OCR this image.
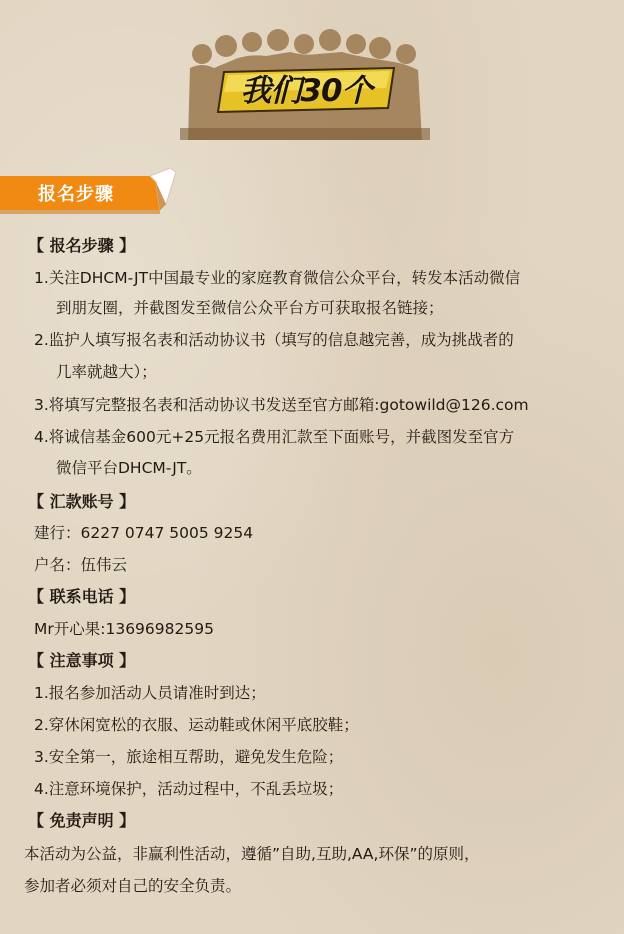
我们30个
报名步骤
【 报名步骤 】
1.关注DHCM-JT中国最专业的家庭教育微信公众平台，转发本活动微信
到朋友圈，并截图发至微信公众平台方可获取报名链接；
2.监护人填写报名表和活动协议书（填写的信息越完善，成为挑战者的
几率就越大）；
3.将填写完整报名表和活动协议书发送至官方邮箱:gotowild@126.com
4.将诚信基金600元+25元报名费用汇款至下面账号，并截图发至官方
微信平台DHCM-JT。
【 汇款账号 】
建行：6227 0747 5005 9254
户名：伍伟云
【 联系电话 】
Mr开心果:13696982595
【 注意事项 】
1.报名参加活动人员请准时到达；
2.穿休闲宽松的衣服、运动鞋或休闲平底胶鞋；
3.安全第一，旅途相互帮助，避免发生危险；
4.注意环境保护，活动过程中，不乱丢垃圾；
【 免责声明 】
本活动为公益，非赢利性活动，遵循”自助,互助,AA,环保”的原则，
参加者必须对自己的安全负责。
